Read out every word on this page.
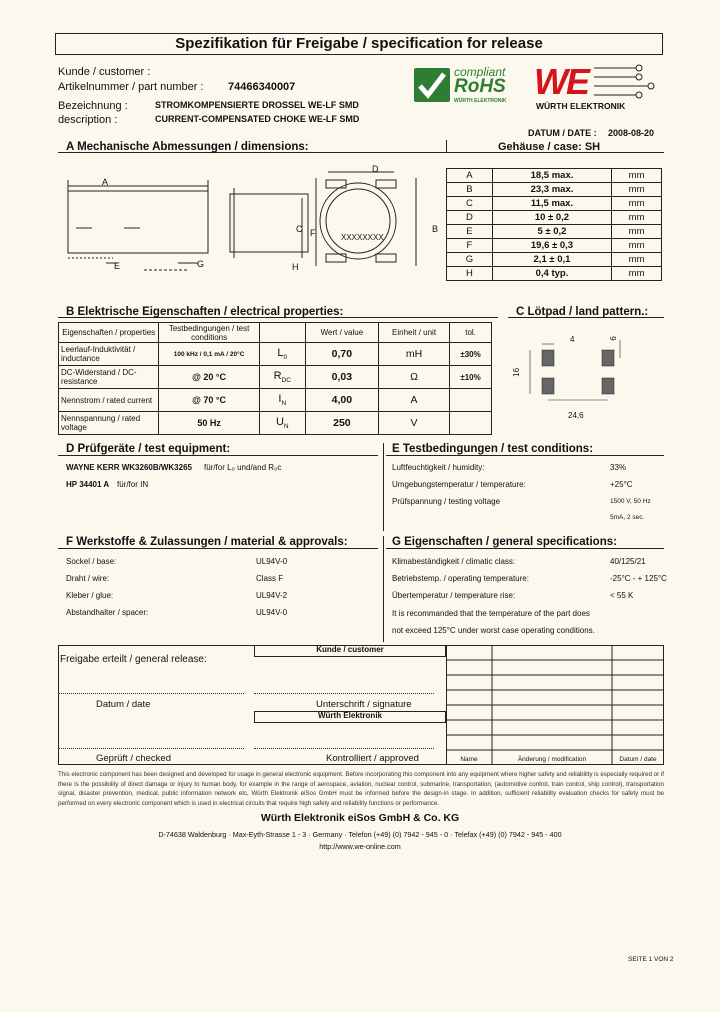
Spezifikation für Freigabe / specification for release
Kunde / customer :
Artikelnummer / part number : 74466340007
Bezeichnung :	STROMKOMPENSIERTE DROSSEL WE-LF SMD
description :	CURRENT-COMPENSATED CHOKE WE-LF SMD
compliant
RoHS
WÜRTH ELEKTRONIK WE
WÜRTH ELEKTRONIK
DATUM / DATE : 2008-08-20
A Mechanische Abmessungen / dimensions:	Gehäuse / case: SH
A
E	G
C F
H
D
B
XXXXXXXX
A	18,5 max.	mm
B	23,3 max.	mm
C	11,5 max.	mm
D	10 ± 0,2	mm
E	5 ± 0,2	mm
F	19,6 ± 0,3	mm
G	2,1 ± 0,1	mm
H	0,4 typ.	mm
B Elektrische Eigenschaften / electrical properties:
Eigenschaften / properties	Testbedingungen / test conditions		Wert / value	Einheit / unit	tol.
Leerlauf-Induktivität / inductance	100 kHz / 0,1 mA / 20°C	$L_0$	0,70	mH	±30%
DC-Widerstand / DC-resistance	@ 20 °C	$R_{DC}$	0,03	Ω	±10%
Nennstrom / rated current	@ 70 °C	$I_N$	4,00	A	
Nennspannung / rated voltage	50 Hz	$U_N$	250	V	
C Lötpad / land pattern.:
4	6
16
24,6
D Prüfgeräte / test equipment:
WAYNE KERR WK3260B/WK3265 für/for L₀ und/and R₀c
HP 34401 A für/for IN
E Testbedingungen / test conditions:
Luftfeuchtigkeit / humidity:	33%
Umgebungstemperatur / temperature:	+25°C
Prüfspannung / testing voltage	1500 V, 50 Hz
5mA, 2 sec.
F Werkstoffe & Zulassungen / material & approvals:
Sockel / base:	UL94V-0
Draht / wire:	Class F
Kleber / glue:	UL94V-2
Abstandhalter / spacer:	UL94V-0
G Eigenschaften / general specifications:
Klimabeständigkeit / climatic class:	40/125/21
Betriebstemp. / operating temperature:	-25°C - + 125°C
Übertemperatur / temperature rise:	< 55 K
It is recommanded that the temperature of the part does
not exceed 125°C under worst case operating conditions.
Freigabe erteilt / general release:
Kunde / customer
Datum / date	Unterschrift / signature
Würth Elektronik
Geprüft / checked	Kontrolliert / approved	Name	Änderung / modification	Datum / date
This electronic component has been designed and developed for usage in general electronic equipment. Before incorporating this component into any equipment where higher safety and reliability is especially required or if there is the possibility of direct damage or injury to human body, for example in the range of aerospace, aviation, nuclear control, submarine, transportation, (automotive control, train control, ship control), transportation signal, disaster prevention, medical, public information network etc, Würth Elektronik eiSos GmbH must be informed before the design-in stage. In addition, sufficient reliability evaluation checks for safety must be performed on every electronic component which is used in electrical circuits that require high safety and reliability functions or performance.
Würth Elektronik eiSos GmbH & Co. KG
D-74638 Waldenburg · Max-Eyth-Strasse 1 - 3 · Germany · Telefon (+49) (0) 7942 - 945 - 0 · Telefax (+49) (0) 7942 - 945 - 400
http://www.we-online.com
SEITE 1 VON 2
